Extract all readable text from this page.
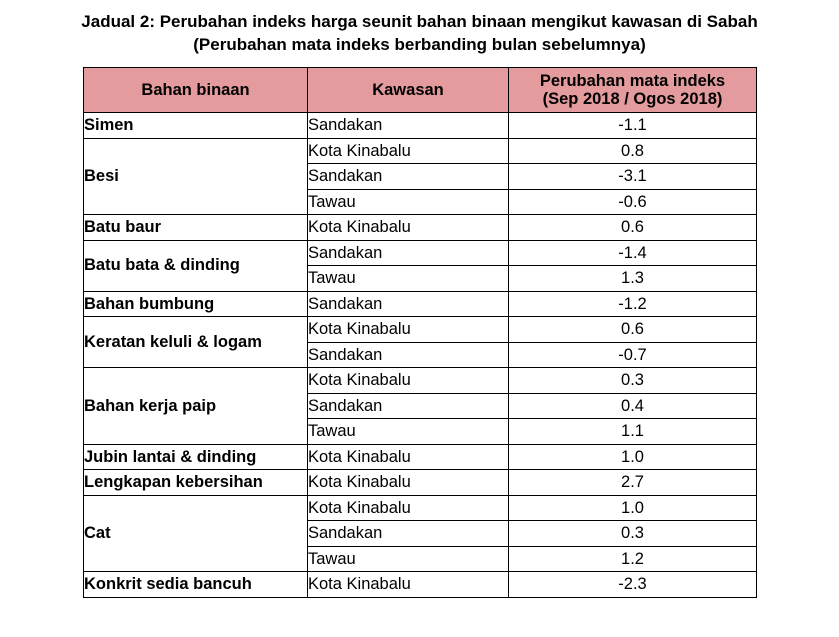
Jadual 2: Perubahan indeks harga seunit bahan binaan mengikut kawasan di Sabah
(Perubahan mata indeks berbanding bulan sebelumnya)
Bahan binaan	Kawasan	Perubahan mata indeks
(Sep 2018 / Ogos 2018)

Simen	Sandakan	-1.1
Besi	Kota Kinabalu	0.8
	Sandakan	-3.1
	Tawau	-0.6
Batu baur	Kota Kinabalu	0.6
Batu bata & dinding	Sandakan	-1.4
	Tawau	1.3
Bahan bumbung	Sandakan	-1.2
Keratan keluli & logam	Kota Kinabalu	0.6
	Sandakan	-0.7
Bahan kerja paip	Kota Kinabalu	0.3
	Sandakan	0.4
	Tawau	1.1
Jubin lantai & dinding	Kota Kinabalu	1.0
Lengkapan kebersihan	Kota Kinabalu	2.7
Cat	Kota Kinabalu	1.0
	Sandakan	0.3
	Tawau	1.2
Konkrit sedia bancuh	Kota Kinabalu	-2.3
